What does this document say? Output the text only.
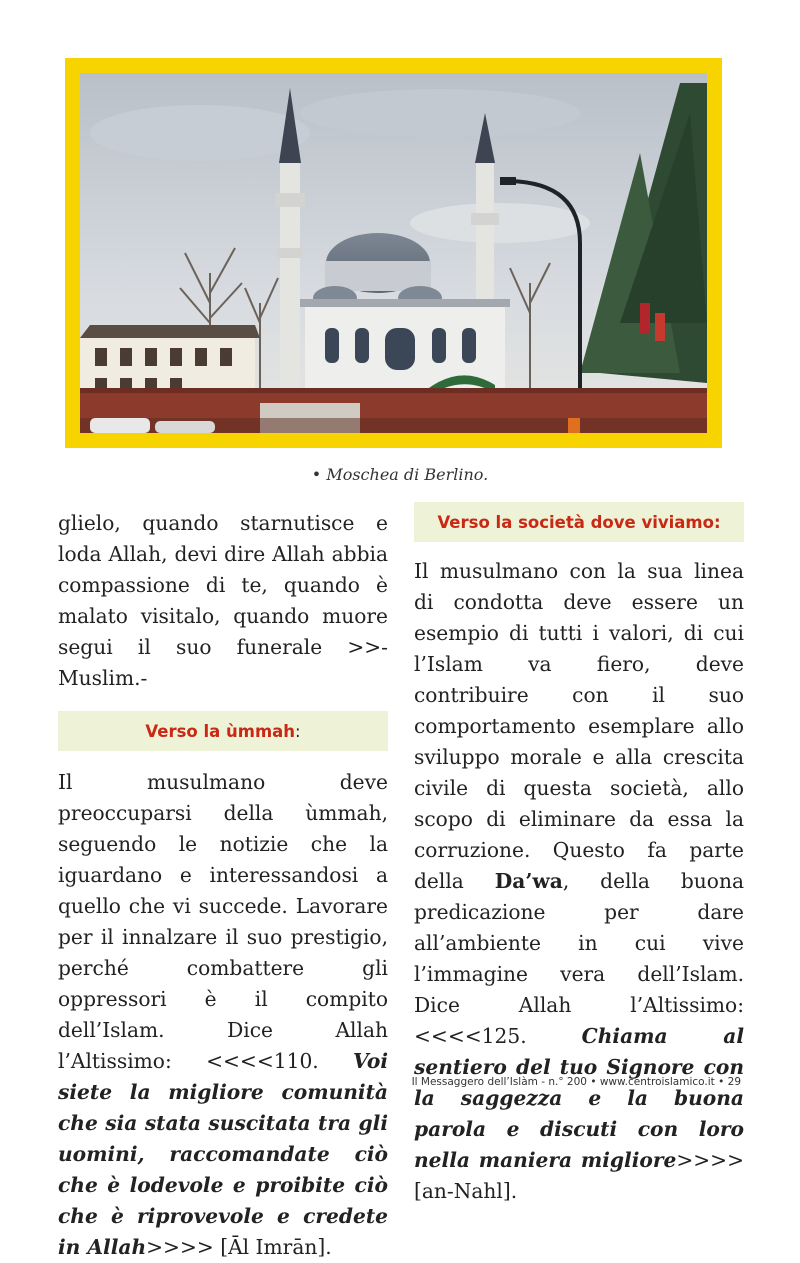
• Moschea di Berlino.

glielo, quando starnutisce e loda Allah, devi dire Allah abbia compassione di te, quando è malato visitalo, quando muore segui il suo funerale >>- Muslim.-

Verso la ùmmah :

Il musulmano deve preoccuparsi della ùmmah, seguendo le notizie che la iguardano e interessandosi a quello che vi succede. Lavorare per il innalzare il suo prestigio, perché combattere gli oppressori è il compito dell’Islam. Dice Allah l’Altissimo: <<<<110. Voi siete la migliore comunità che sia stata suscitata tra gli uomini, raccomandate ciò che è lodevole e proibite ciò che è riprovevole e credete in Allah>>>> [Āl Imrān].

Verso la società dove viviamo:

Il musulmano con la sua linea di condotta deve essere un esempio di tutti i valori, di cui l’Islam va fiero, deve contribuire con il suo comportamento esemplare allo sviluppo morale e alla crescita civile di questa società, allo scopo di eliminare da essa la corruzione. Questo fa parte della Da’wa, della buona predicazione per dare all’ambiente in cui vive l’immagine vera dell’Islam. Dice Allah l’Altissimo: <<<<125. Chiama al sentiero del tuo Signore con la saggezza e la buona parola e discuti con loro nella maniera migliore>>>>[an-Nahl].

Il Messaggero dell’Islàm - n.° 200 • www.centroislamico.it • 29
